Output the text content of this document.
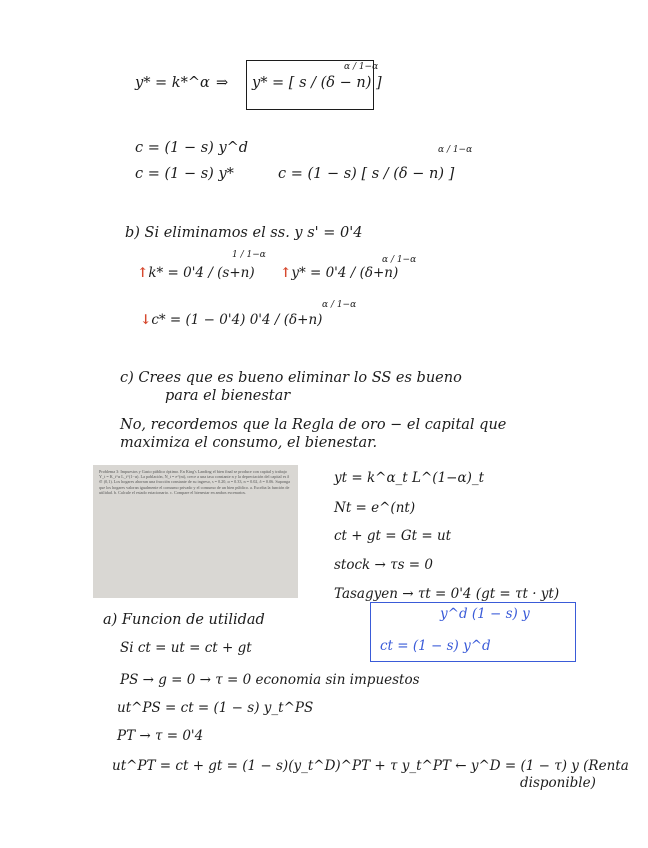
y* = k*^α ⇒ y* = [ s / (δ − n) ]
α / 1−α
c = (1 − s) y^d
c = (1 − s) y*	c = (1 − s) [ s / (δ − n) ]
α / 1−α
b) Si eliminamos el ss. y s' = 0'4
↑k* = 0'4 / (s+n)
1 / 1−α
↑y* = 0'4 / (δ+n)
α / 1−α
↓c* = (1 − 0'4) 0'4 / (δ+n)
α / 1−α
c) Crees que es bueno eliminar lo SS es bueno
para el bienestar
No, recordemos que la Regla de oro − el capital que
maximiza el consumo, el bienestar.
Problema 3: Impuestos y Gasto público óptimo. En King's Landing el bien final se produce con capital y trabajo Y_t = K_t^α L_t^(1−α). La población, N_t = e^(nt), crece a una tasa constante n y la depreciación del capital es δ ∈ (0,1). Los hogares ahorran una fracción constante de su ingreso, s = 0.20, α = 0.33, n = 0.02, δ = 0.06. Suponga que los hogares valoran igualmente el consumo privado y el consumo de un bien público. a. Escriba la función de utilidad. b. Calcule el estado estacionario. c. Compare el bienestar en ambos escenarios.
yt = k^α_t L^(1−α)_t
Nt = e^(nt)
ct + gt = Gt = ut
stock → τs = 0
Tasagyen → τt = 0'4 (gt = τt · yt)
a) Funcion de utilidad
Si ct = ut = ct + gt
y^d (1 − s) y
ct = (1 − s) y^d
PS → g = 0 → τ = 0 economia sin impuestos
ut^PS = ct = (1 − s) y_t^PS
PT → τ = 0'4
ut^PT = ct + gt = (1 − s)(y_t^D)^PT + τ y_t^PT ← y^D = (1 − τ) y (Renta
disponible)
